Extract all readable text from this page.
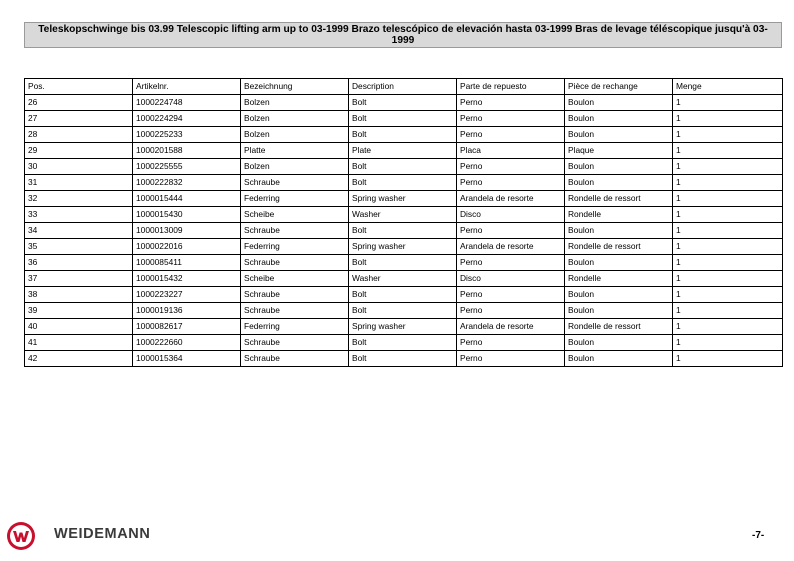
Teleskopschwinge bis 03.99 Telescopic lifting arm up to 03-1999 Brazo telescópico de elevación hasta 03-1999 Bras de levage téléscopique jusqu'à 03-1999
Pos.	Artikelnr.	Bezeichnung	Description	Parte de repuesto	Pièce de rechange	Menge
26	1000224748	Bolzen	Bolt	Perno	Boulon	1
27	1000224294	Bolzen	Bolt	Perno	Boulon	1
28	1000225233	Bolzen	Bolt	Perno	Boulon	1
29	1000201588	Platte	Plate	Placa	Plaque	1
30	1000225555	Bolzen	Bolt	Perno	Boulon	1
31	1000222832	Schraube	Bolt	Perno	Boulon	1
32	1000015444	Federring	Spring washer	Arandela de resorte	Rondelle de ressort	1
33	1000015430	Scheibe	Washer	Disco	Rondelle	1
34	1000013009	Schraube	Bolt	Perno	Boulon	1
35	1000022016	Federring	Spring washer	Arandela de resorte	Rondelle de ressort	1
36	1000085411	Schraube	Bolt	Perno	Boulon	1
37	1000015432	Scheibe	Washer	Disco	Rondelle	1
38	1000223227	Schraube	Bolt	Perno	Boulon	1
39	1000019136	Schraube	Bolt	Perno	Boulon	1
40	1000082617	Federring	Spring washer	Arandela de resorte	Rondelle de ressort	1
41	1000222660	Schraube	Bolt	Perno	Boulon	1
42	1000015364	Schraube	Bolt	Perno	Boulon	1
WEIDEMANN	-7-
